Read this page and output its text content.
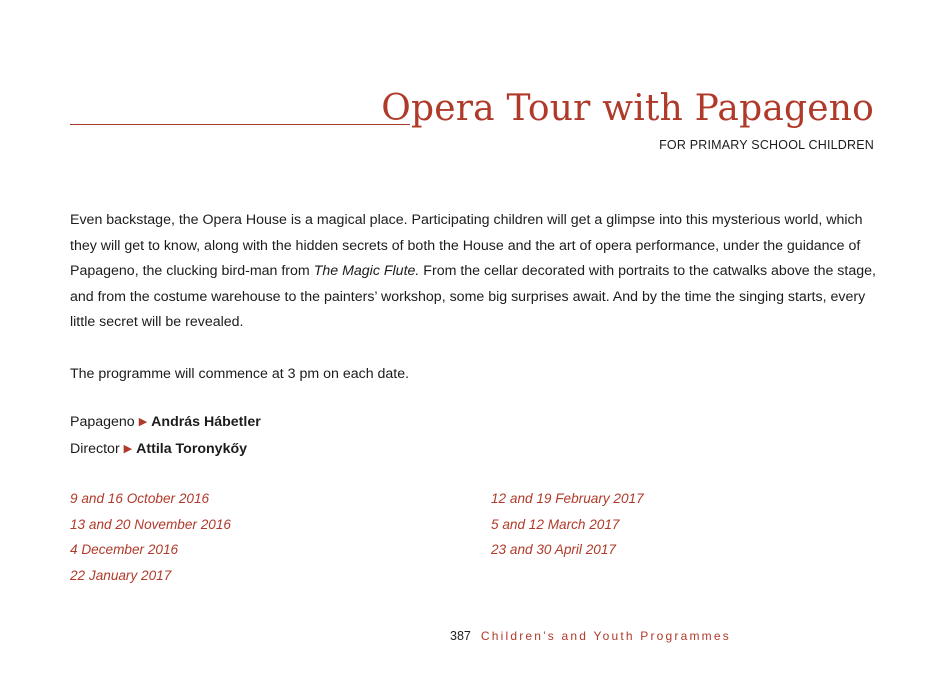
Opera Tour with Papageno
FOR PRIMARY SCHOOL CHILDREN

Even backstage, the Opera House is a magical place. Participating children will get a glimpse into this mysterious world, which they will get to know, along with the hidden secrets of both the House and the art of opera performance, under the guidance of Papageno, the clucking bird-man from The Magic Flute. From the cellar decorated with portraits to the catwalks above the stage, and from the costume warehouse to the painters’ workshop, some big surprises await. And by the time the singing starts, every little secret will be revealed.

The programme will commence at 3 pm on each date.
Papageno ▶ András Hábetler
Director ▶ Attila Toronykőy
9 and 16 October 2016
13 and 20 November 2016
4 December 2016
22 January 2017
12 and 19 February 2017
5 and 12 March 2017
23 and 30 April 2017
387 Children’s and Youth Programmes
